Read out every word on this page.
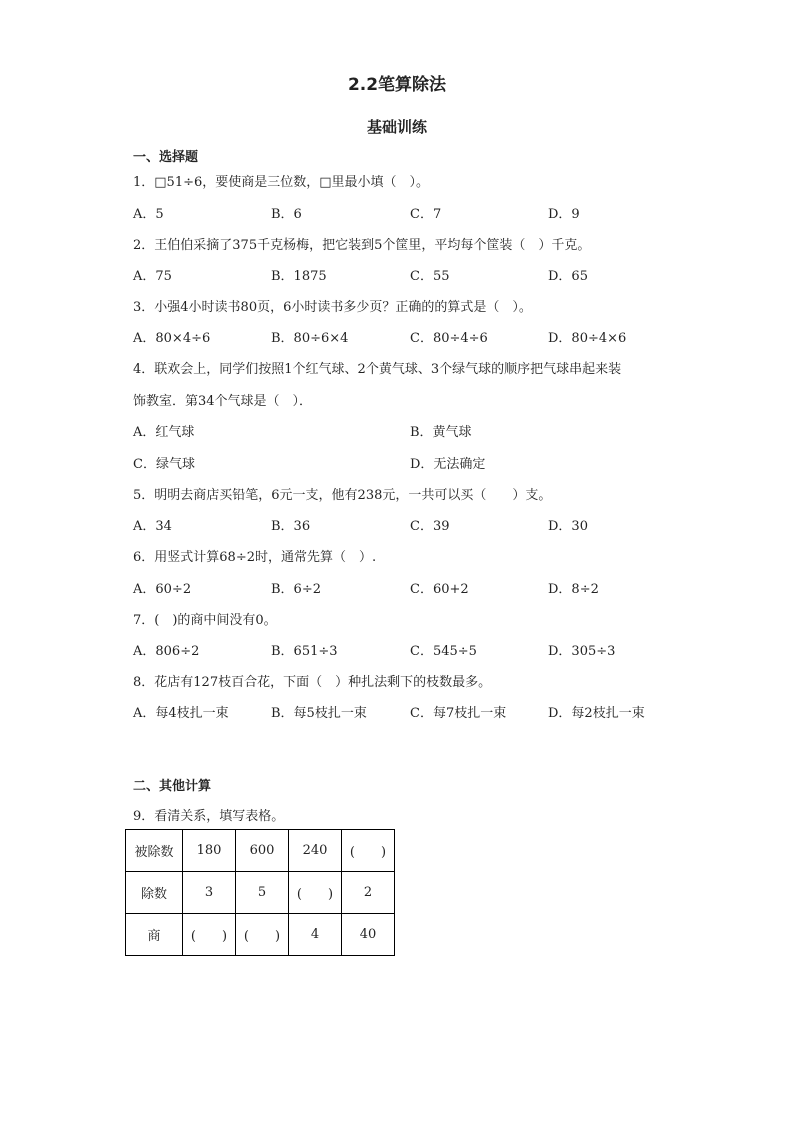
2.2笔算除法
基础训练
一、选择题
1．□51÷6，要使商是三位数，□里最小填（　）。
A．5	B．6	C．7	D．9
2．王伯伯采摘了375千克杨梅，把它装到5个筐里，平均每个筐装（　）千克。
A．75	B．1875	C．55	D．65
3．小强4小时读书80页，6小时读书多少页？正确的的算式是（　）。
A．80×4÷6	B．80÷6×4	C．80÷4÷6	D．80÷4×6
4．联欢会上，同学们按照1个红气球、2个黄气球、3个绿气球的顺序把气球串起来装
饰教室．第34个气球是（　）．
A．红气球	B．黄气球
C．绿气球	D．无法确定
5．明明去商店买铅笔，6元一支，他有238元，一共可以买（　　）支。
A．34	B．36	C．39	D．30
6．用竖式计算68÷2时，通常先算（　）.
A．60÷2	B．6÷2	C．60+2	D．8÷2
7．(　)的商中间没有0。
A．806÷2	B．651÷3	C．545÷5	D．305÷3
8．花店有127枝百合花，下面（　）种扎法剩下的枝数最多。
A．每4枝扎一束	B．每5枝扎一束	C．每7枝扎一束	D．每2枝扎一束
二、其他计算
9．看清关系，填写表格。
被除数	180	600	240	(　　)
除数	3	5	(　　)	2
商	(　　)	(　　)	4	40
